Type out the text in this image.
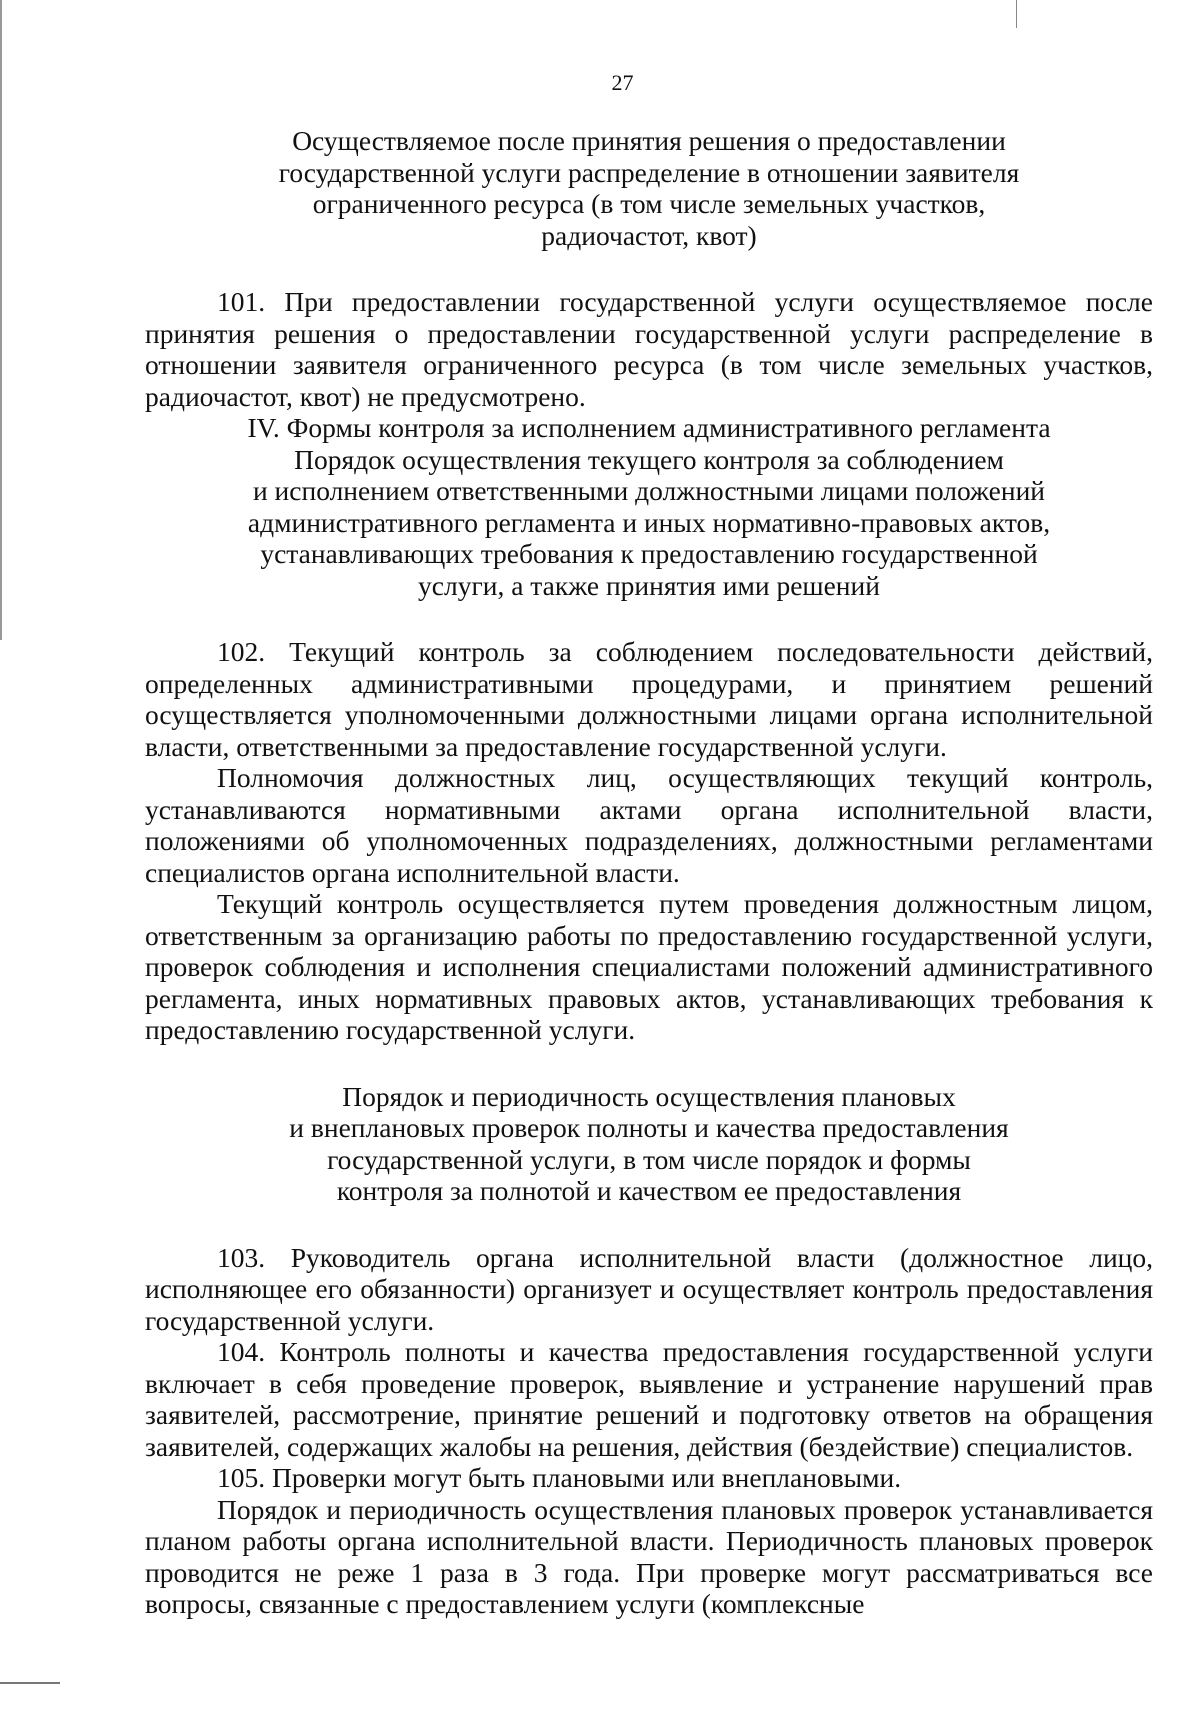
27
Осуществляемое после принятия решения о предоставлении
государственной услуги распределение в отношении заявителя
ограниченного ресурса (в том числе земельных участков,
радиочастот, квот)

101. При предоставлении государственной услуги осуществляемое после принятия решения о предоставлении государственной услуги распределение в отношении заявителя ограниченного ресурса (в том числе земельных участков, радиочастот, квот) не предусмотрено.

IV. Формы контроля за исполнением административного регламента
Порядок осуществления текущего контроля за соблюдением
и исполнением ответственными должностными лицами положений
административного регламента и иных нормативно-правовых актов,
устанавливающих требования к предоставлению государственной
услуги, а также принятия ими решений

102. Текущий контроль за соблюдением последовательности действий, определенных административными процедурами, и принятием решений осуществляется уполномоченными должностными лицами органа исполнительной власти, ответственными за предоставление государственной услуги.

Полномочия должностных лиц, осуществляющих текущий контроль, устанавливаются нормативными актами органа исполнительной власти, положениями об уполномоченных подразделениях, должностными регламентами специалистов органа исполнительной власти.

Текущий контроль осуществляется путем проведения должностным лицом, ответственным за организацию работы по предоставлению государственной услуги, проверок соблюдения и исполнения специалистами положений административного регламента, иных нормативных правовых актов, устанавливающих требования к предоставлению государственной услуги.

Порядок и периодичность осуществления плановых
и внеплановых проверок полноты и качества предоставления
государственной услуги, в том числе порядок и формы
контроля за полнотой и качеством ее предоставления

103. Руководитель органа исполнительной власти (должностное лицо, исполняющее его обязанности) организует и осуществляет контроль предоставления государственной услуги.

104. Контроль полноты и качества предоставления государственной услуги включает в себя проведение проверок, выявление и устранение нарушений прав заявителей, рассмотрение, принятие решений и подготовку ответов на обращения заявителей, содержащих жалобы на решения, действия (бездействие) специалистов.

105. Проверки могут быть плановыми или внеплановыми.

Порядок и периодичность осуществления плановых проверок устанавливается планом работы органа исполнительной власти. Периодичность плановых проверок проводится не реже 1 раза в 3 года. При проверке могут рассматриваться все вопросы, связанные с предоставлением услуги (комплексные
